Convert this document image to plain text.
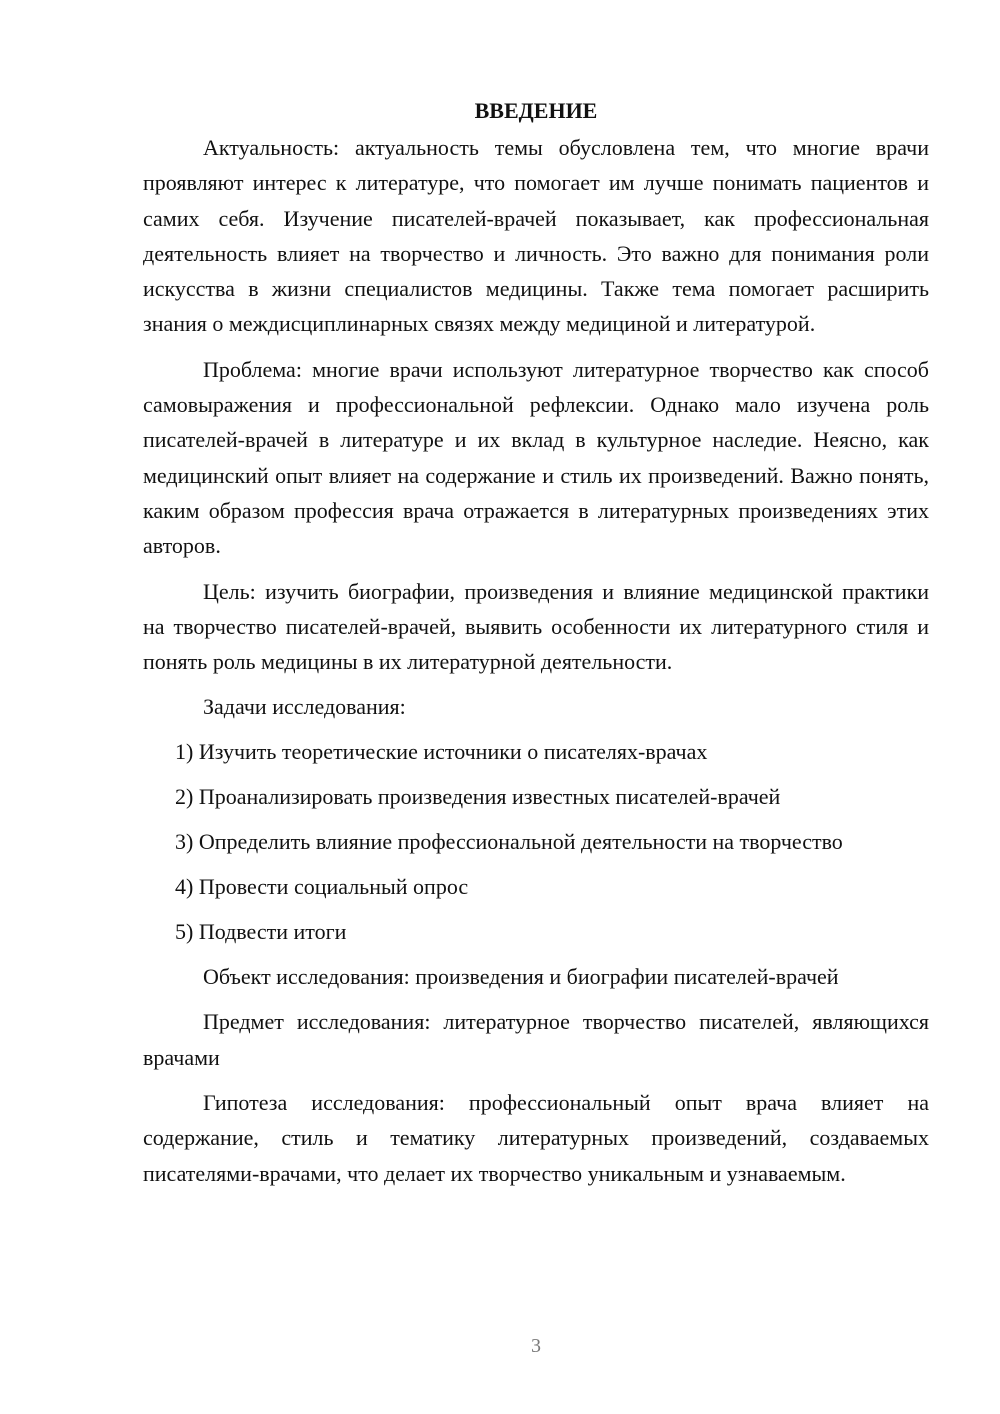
ВВЕДЕНИЕ

Актуальность: актуальность темы обусловлена тем, что многие врачи проявляют интерес к литературе, что помогает им лучше понимать пациентов и самих себя. Изучение писателей-врачей показывает, как профессиональная деятельность влияет на творчество и личность. Это важно для понимания роли искусства в жизни специалистов медицины. Также тема помогает расширить знания о междисциплинарных связях между медициной и литературой.

Проблема: многие врачи используют литературное творчество как способ самовыражения и профессиональной рефлексии. Однако мало изучена роль писателей-врачей в литературе и их вклад в культурное наследие. Неясно, как медицинский опыт влияет на содержание и стиль их произведений. Важно понять, каким образом профессия врача отражается в литературных произведениях этих авторов.

Цель: изучить биографии, произведения и влияние медицинской практики на творчество писателей-врачей, выявить особенности их литературного стиля и понять роль медицины в их литературной деятельности.

Задачи исследования:
1) Изучить теоретические источники о писателях-врачах
2) Проанализировать произведения известных писателей-врачей
3) Определить влияние профессиональной деятельности на творчество
4) Провести социальный опрос
5) Подвести итоги
Объект исследования: произведения и биографии писателей-врачей

Предмет исследования: литературное творчество писателей, являющихся врачами

Гипотеза исследования: профессиональный опыт врача влияет на содержание, стиль и тематику литературных произведений, создаваемых писателями-врачами, что делает их творчество уникальным и узнаваемым.

3
